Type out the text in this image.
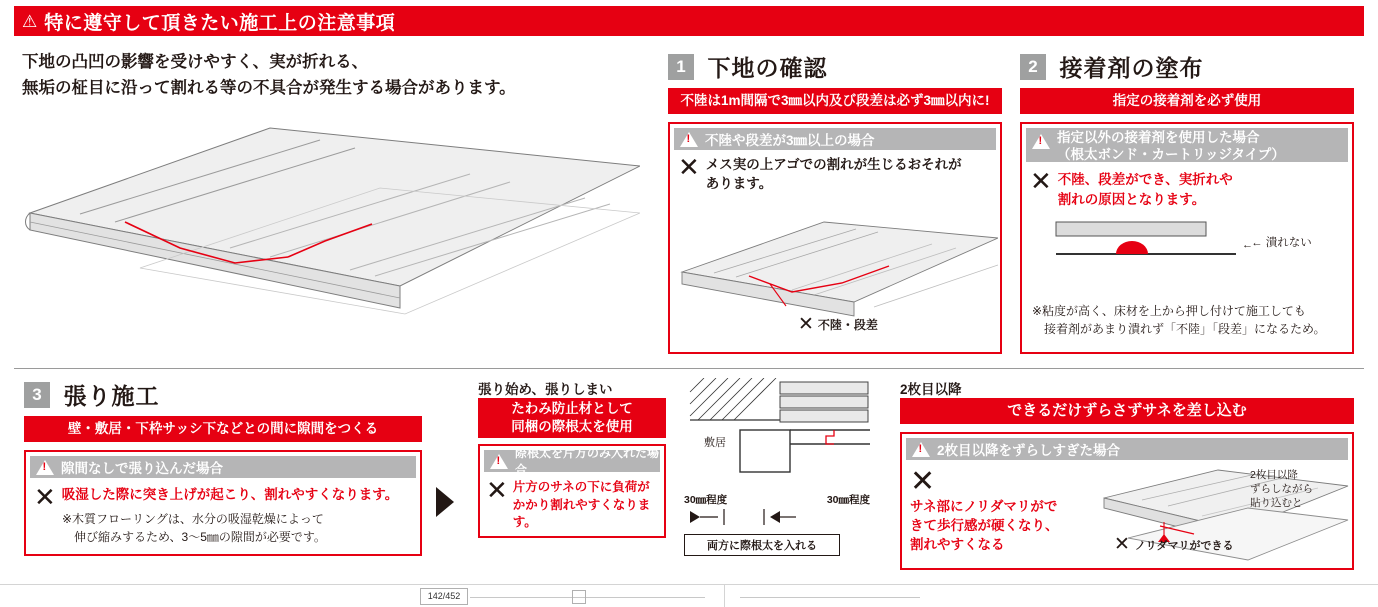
⚠ 特に遵守して頂きたい施工上の注意事項
下地の凸凹の影響を受けやすく、実が折れる、
無垢の柾目に沿って割れる等の不具合が発生する場合があります。
1 下地の確認
不陸は1m間隔で3㎜以内及び段差は必ず3㎜以内に!
!
不陸や段差が3㎜以上の場合
✕ メス実の上アゴでの割れが生じるおそれが
あります。
✕ 不陸・段差
2 接着剤の塗布
指定の接着剤を必ず使用
!
指定以外の接着剤を使用した場合
（根太ボンド・カートリッジタイプ）
✕ 不陸、段差ができ、実折れや
割れの原因となります。
←
← 潰れない
※粘度が高く、床材を上から押し付けて施工しても
接着剤があまり潰れず「不陸」「段差」になるため。
3 張り施工
壁・敷居・下枠サッシ下などとの間に隙間をつくる
!
隙間なしで張り込んだ場合
✕ 吸湿した際に突き上げが起こり、割れやすくなります。
※木質フローリングは、水分の吸湿乾燥によって
　伸び縮みするため、3〜5㎜の隙間が必要です。
張り始め、張りしまい
たわみ防止材として
同梱の際根太を使用
!
際根太を片方のみ入れた場合
✕ 片方のサネの下に負荷が
かかり割れやすくなります。
敷居
30㎜程度	30㎜程度
両方に際根太を入れる
2枚目以降
できるだけずらさずサネを差し込む
!
2枚目以降をずらしすぎた場合
✕
サネ部にノリダマリがで
きて歩行感が硬くなり、
割れやすくなる
2枚目以降
ずらしながら
貼り込むと
✕ ノリダマリができる
142/452
